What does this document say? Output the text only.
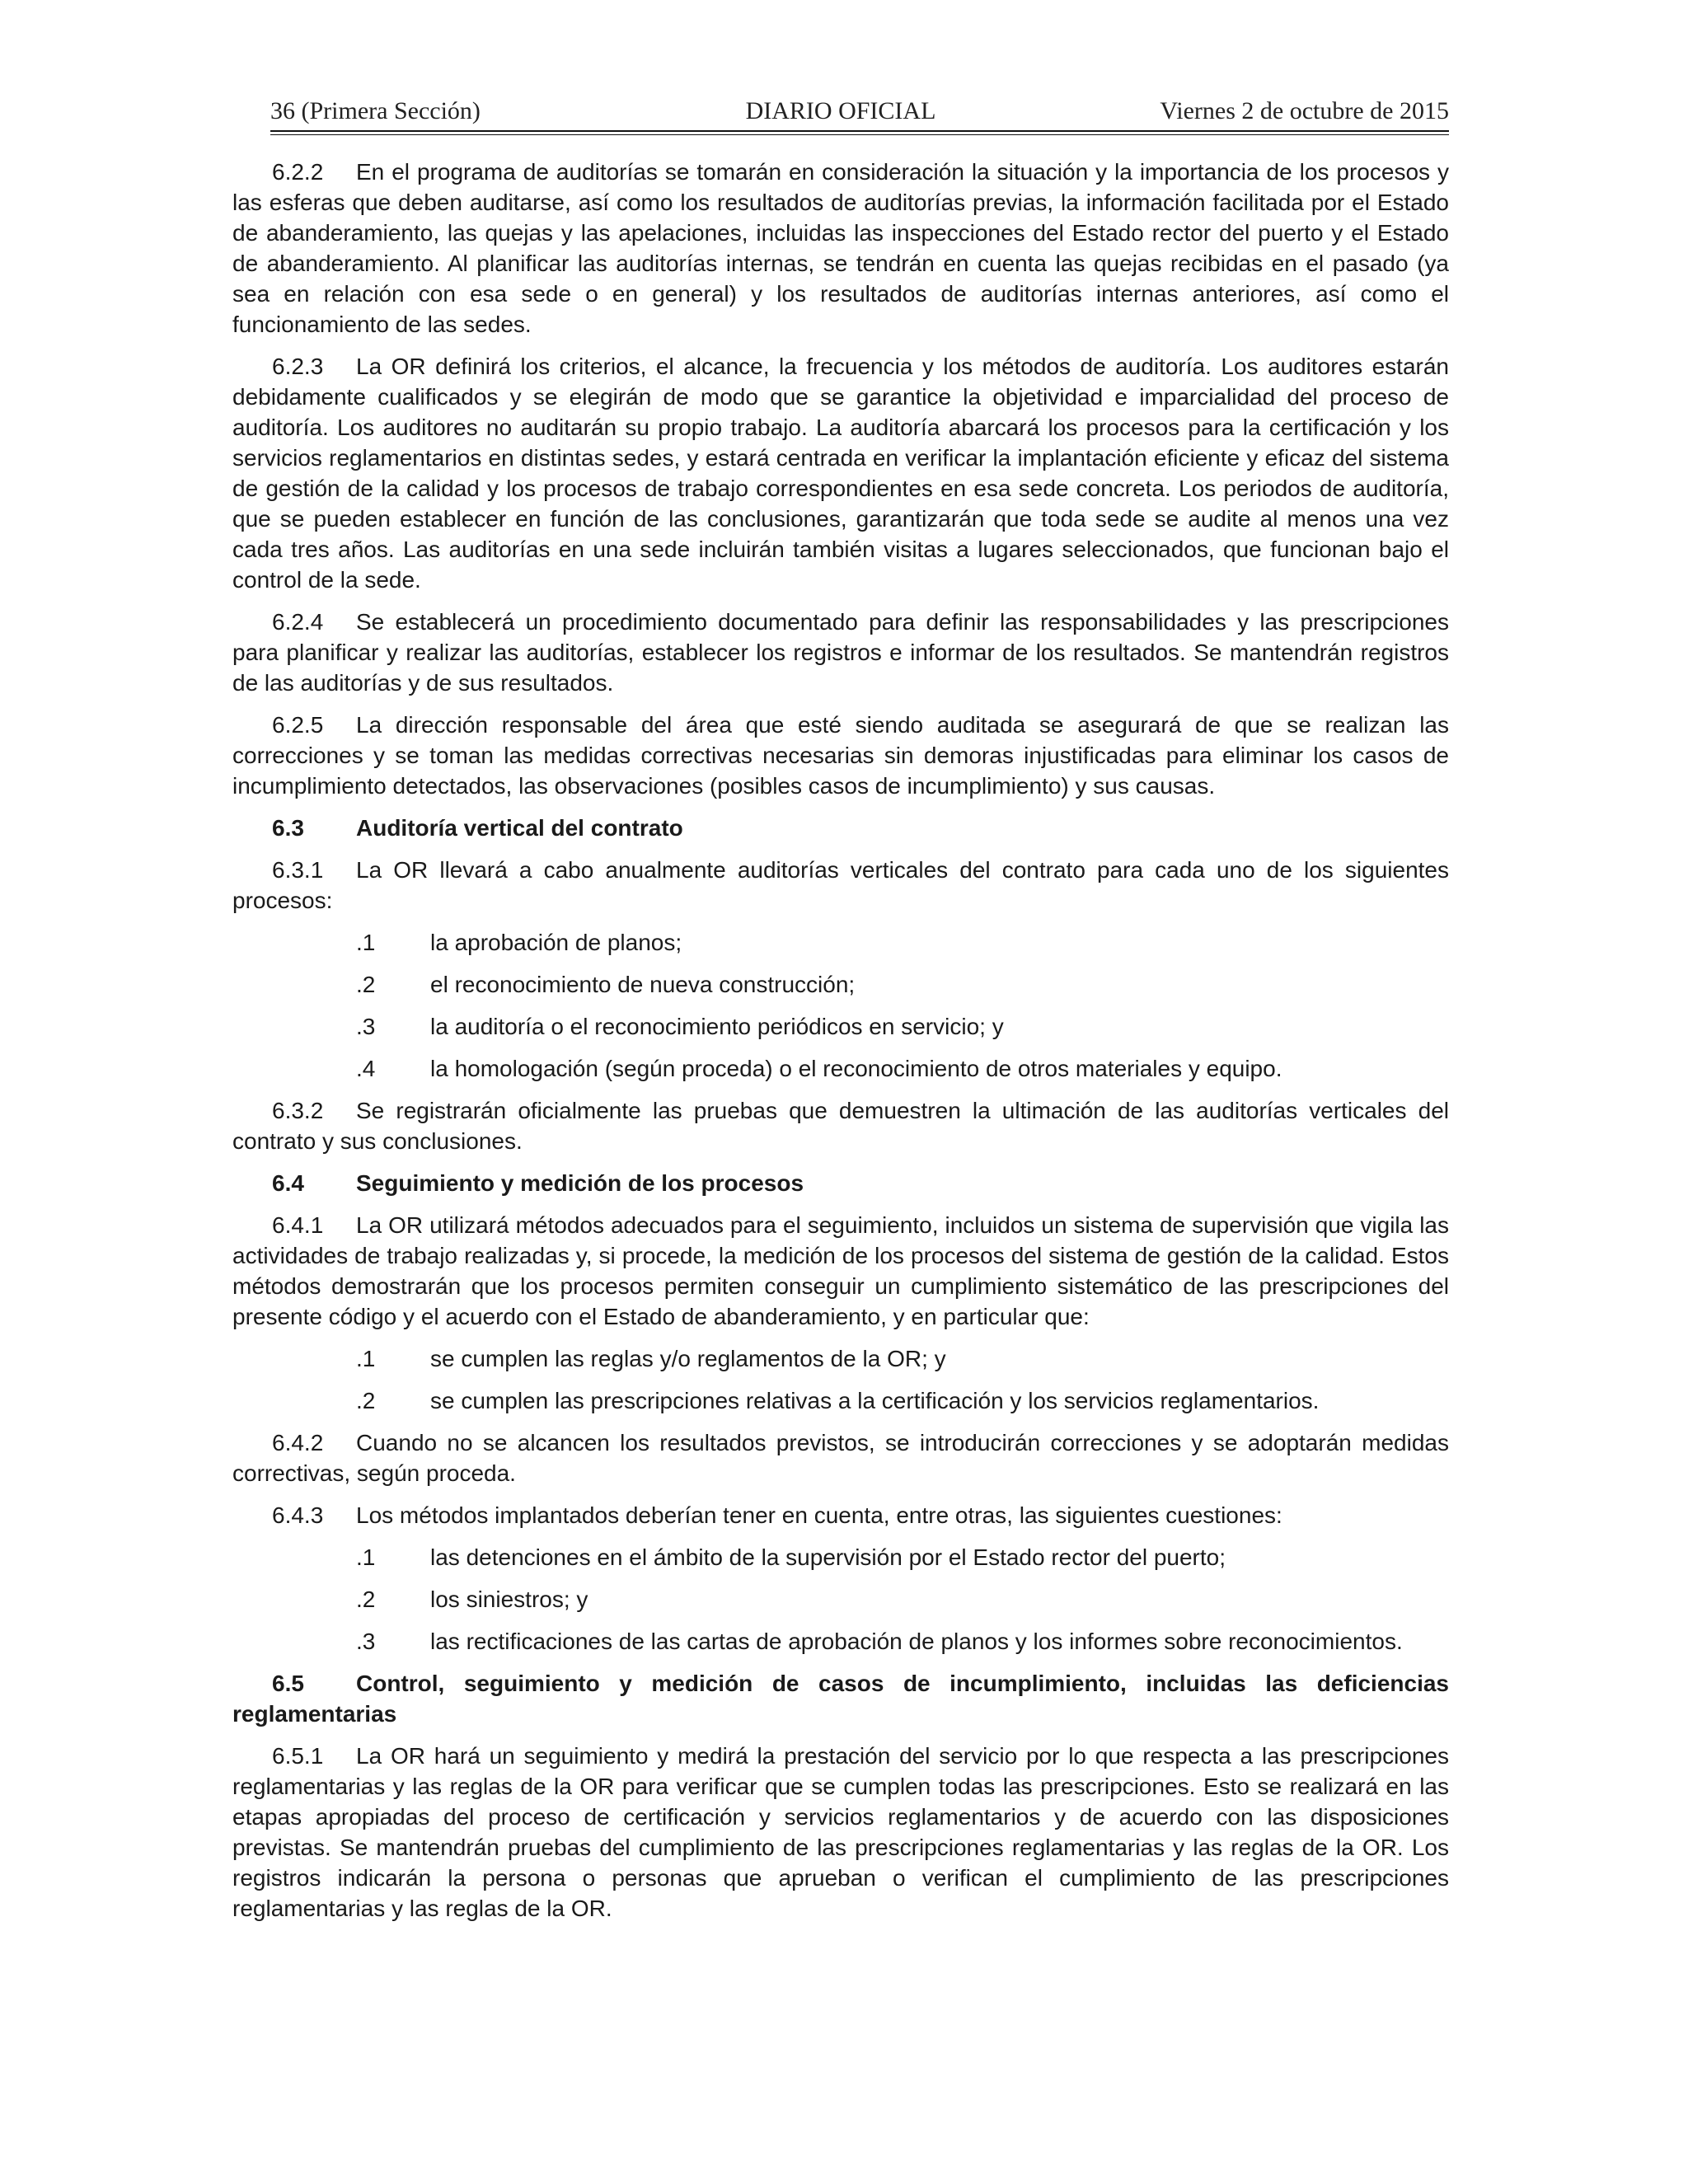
36 (Primera Sección)	DIARIO OFICIAL	Viernes 2 de octubre de 2015

6.2.2 En el programa de auditorías se tomarán en consideración la situación y la importancia de los procesos y las esferas que deben auditarse, así como los resultados de auditorías previas, la información facilitada por el Estado de abanderamiento, las quejas y las apelaciones, incluidas las inspecciones del Estado rector del puerto y el Estado de abanderamiento. Al planificar las auditorías internas, se tendrán en cuenta las quejas recibidas en el pasado (ya sea en relación con esa sede o en general) y los resultados de auditorías internas anteriores, así como el funcionamiento de las sedes.

6.2.3 La OR definirá los criterios, el alcance, la frecuencia y los métodos de auditoría. Los auditores estarán debidamente cualificados y se elegirán de modo que se garantice la objetividad e imparcialidad del proceso de auditoría. Los auditores no auditarán su propio trabajo. La auditoría abarcará los procesos para la certificación y los servicios reglamentarios en distintas sedes, y estará centrada en verificar la implantación eficiente y eficaz del sistema de gestión de la calidad y los procesos de trabajo correspondientes en esa sede concreta. Los periodos de auditoría, que se pueden establecer en función de las conclusiones, garantizarán que toda sede se audite al menos una vez cada tres años. Las auditorías en una sede incluirán también visitas a lugares seleccionados, que funcionan bajo el control de la sede.

6.2.4 Se establecerá un procedimiento documentado para definir las responsabilidades y las prescripciones para planificar y realizar las auditorías, establecer los registros e informar de los resultados. Se mantendrán registros de las auditorías y de sus resultados.

6.2.5 La dirección responsable del área que esté siendo auditada se asegurará de que se realizan las correcciones y se toman las medidas correctivas necesarias sin demoras injustificadas para eliminar los casos de incumplimiento detectados, las observaciones (posibles casos de incumplimiento) y sus causas.

6.3 Auditoría vertical del contrato

6.3.1 La OR llevará a cabo anualmente auditorías verticales del contrato para cada uno de los siguientes procesos:

.1 la aprobación de planos;
.2 el reconocimiento de nueva construcción;
.3 la auditoría o el reconocimiento periódicos en servicio; y
.4 la homologación (según proceda) o el reconocimiento de otros materiales y equipo.

6.3.2 Se registrarán oficialmente las pruebas que demuestren la ultimación de las auditorías verticales del contrato y sus conclusiones.

6.4 Seguimiento y medición de los procesos

6.4.1 La OR utilizará métodos adecuados para el seguimiento, incluidos un sistema de supervisión que vigila las actividades de trabajo realizadas y, si procede, la medición de los procesos del sistema de gestión de la calidad. Estos métodos demostrarán que los procesos permiten conseguir un cumplimiento sistemático de las prescripciones del presente código y el acuerdo con el Estado de abanderamiento, y en particular que:

.1 se cumplen las reglas y/o reglamentos de la OR; y
.2 se cumplen las prescripciones relativas a la certificación y los servicios reglamentarios.

6.4.2 Cuando no se alcancen los resultados previstos, se introducirán correcciones y se adoptarán medidas correctivas, según proceda.

6.4.3 Los métodos implantados deberían tener en cuenta, entre otras, las siguientes cuestiones:

.1 las detenciones en el ámbito de la supervisión por el Estado rector del puerto;
.2 los siniestros; y
.3 las rectificaciones de las cartas de aprobación de planos y los informes sobre reconocimientos.

6.5 Control, seguimiento y medición de casos de incumplimiento, incluidas las deficiencias reglamentarias

6.5.1 La OR hará un seguimiento y medirá la prestación del servicio por lo que respecta a las prescripciones reglamentarias y las reglas de la OR para verificar que se cumplen todas las prescripciones. Esto se realizará en las etapas apropiadas del proceso de certificación y servicios reglamentarios y de acuerdo con las disposiciones previstas. Se mantendrán pruebas del cumplimiento de las prescripciones reglamentarias y las reglas de la OR. Los registros indicarán la persona o personas que aprueban o verifican el cumplimiento de las prescripciones reglamentarias y las reglas de la OR.
